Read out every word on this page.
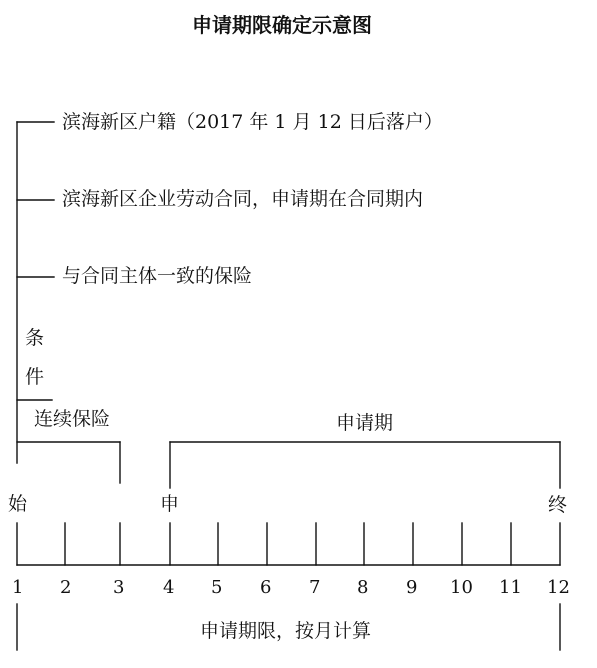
申请期限确定示意图
滨海新区户籍（2017 年 1 月 12 日后落户）
滨海新区企业劳动合同，申请期在合同期内
与合同主体一致的保险
条
件
连续保险	申请期
始	申	终
1 2 3 4 5 6 7 8 9 10 11 12
申请期限，按月计算
